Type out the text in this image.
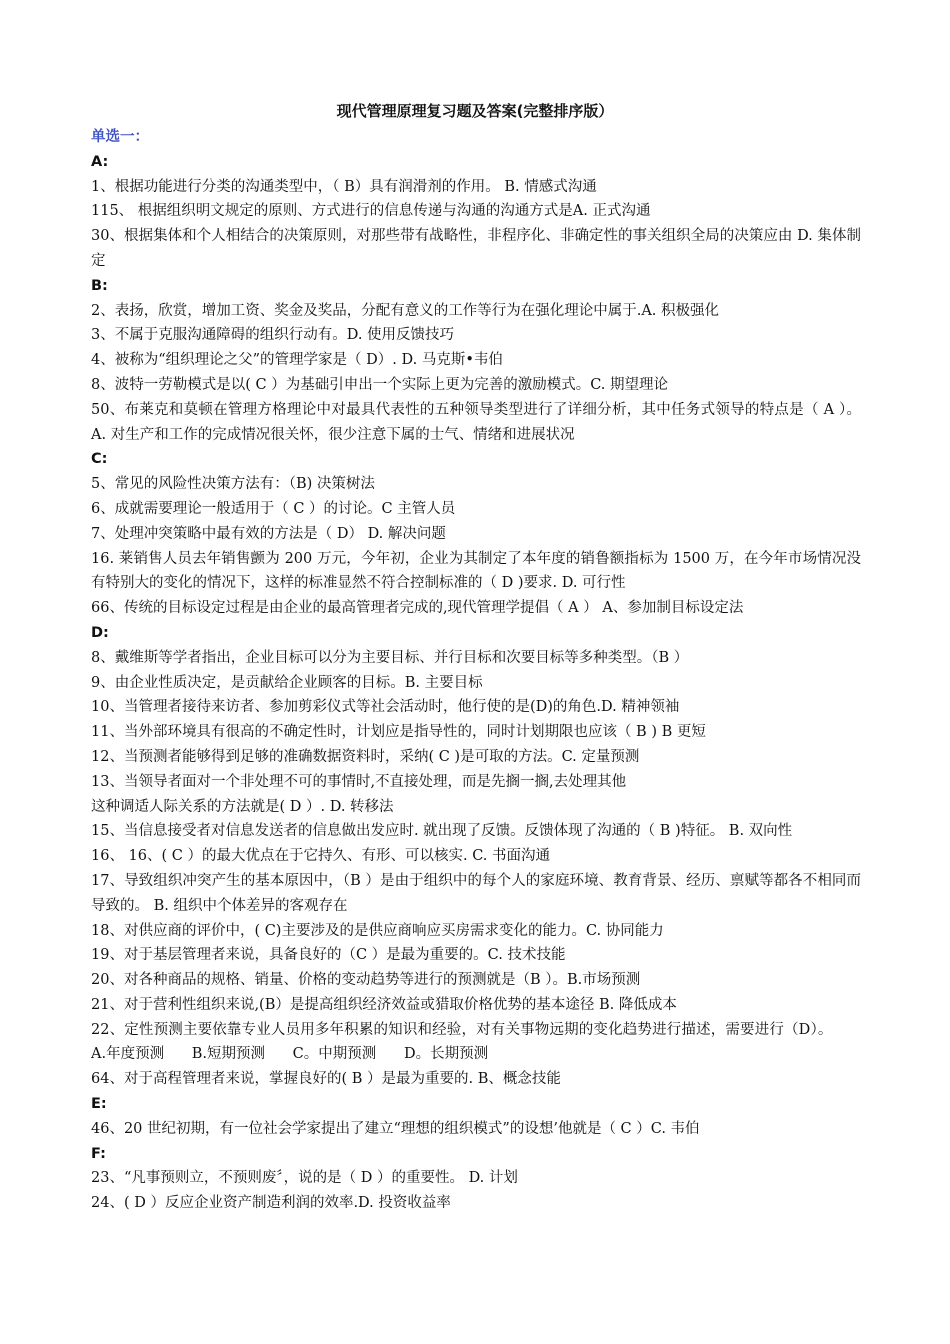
现代管理原理复习题及答案(完整排序版）

单选一：

A:

1、根据功能进行分类的沟通类型中，（ B）具有润滑剂的作用。 B. 情感式沟通

115、 根据组织明文规定的原则、方式进行的信息传递与沟通的沟通方式是A. 正式沟通

30、根据集体和个人相结合的决策原则，对那些带有战略性，非程序化、非确定性的事关组织全局的决策应由 D. 集体制定

B:

2、表扬，欣赏，增加工资、奖金及奖品，分配有意义的工作等行为在强化理论中属于.A. 积极强化

3、不属于克服沟通障碍的组织行动有。D. 使用反馈技巧

4、被称为“组织理论之父”的管理学家是（ D）. D. 马克斯•韦伯

8、波特一劳勒模式是以( C ）为基础引申出一个实际上更为完善的激励模式。C. 期望理论

50、布莱克和莫顿在管理方格理论中对最具代表性的五种领导类型进行了详细分析，其中任务式领导的特点是（ A ）。A. 对生产和工作的完成情况很关怀，很少注意下属的士气、情绪和进展状况

C:

5、常见的风险性决策方法有：（B) 决策树法

6、成就需要理论一般适用于（ C ）的讨论。C 主管人员

7、处理冲突策略中最有效的方法是（ D） D. 解决问题

16. 莱销售人员去年销售颤为 200 万元，今年初，企业为其制定了本年度的销鲁额指标为 1500 万，在今年市场情况没有特别大的变化的情况下，这样的标准显然不符合控制标准的（ D )要求. D. 可行性

66、传统的目标设定过程是由企业的最高管理者完成的,现代管理学提倡（ A ） A、参加制目标设定法

D:

8、戴维斯等学者指出，企业目标可以分为主要目标、并行目标和次要目标等多种类型。（B ）

9、由企业性质决定，是贡献给企业顾客的目标。B. 主要目标

10、当管理者接待来访者、参加剪彩仪式等社会活动时，他行使的是(D)的角色.D. 精神领袖

11、当外部环境具有很高的不确定性时，计划应是指导性的，同时计划期限也应该（ B ) B 更短

12、当预测者能够得到足够的准确数据资料时，采纳( C )是可取的方法。C. 定量预测

13、当领导者面对一个非处理不可的事情时,不直接处理，而是先搁一搁,去处理其他

这种调适人际关系的方法就是( D ）. D. 转移法

15、当信息接受者对信息发送者的信息做出发应时. 就出现了反馈。反馈体现了沟通的（ B )特征。 B. 双向性

16、 16、( C ）的最大优点在于它持久、有形、可以核实. C. 书面沟通

17、导致组织冲突产生的基本原因中，（B ）是由于组织中的每个人的家庭环境、教育背景、经历、禀赋等都各不相同而导致的。 B. 组织中个体差异的客观存在

18、对供应商的评价中，( C)主要涉及的是供应商响应买房需求变化的能力。C. 协同能力

19、对于基层管理者来说，具备良好的（C ）是最为重要的。C. 技术技能

20、对各种商品的规格、销量、价格的变动趋势等进行的预测就是（B ）。B.市场预测

21、对于营利性组织来说,(B）是提高组织经济效益或猎取价格优势的基本途径 B. 降低成本

22、定性预测主要依靠专业人员用多年积累的知识和经验，对有关事物远期的变化趋势进行描述，需要进行（D）。      A.年度预测 B.短期预测 C。中期预测 D。长期预测

64、对于高程管理者来说，掌握良好的( B ）是最为重要的. B、概念技能

E:

46、20 世纪初期，有一位社会学家提出了建立“理想的组织模式”的设想’他就是（ C ）C. 韦伯

F:

23、“凡事预则立，不预则废〞，说的是（ D ）的重要性。 D. 计划

24、( D ）反应企业资产制造利润的效率.D. 投资收益率
